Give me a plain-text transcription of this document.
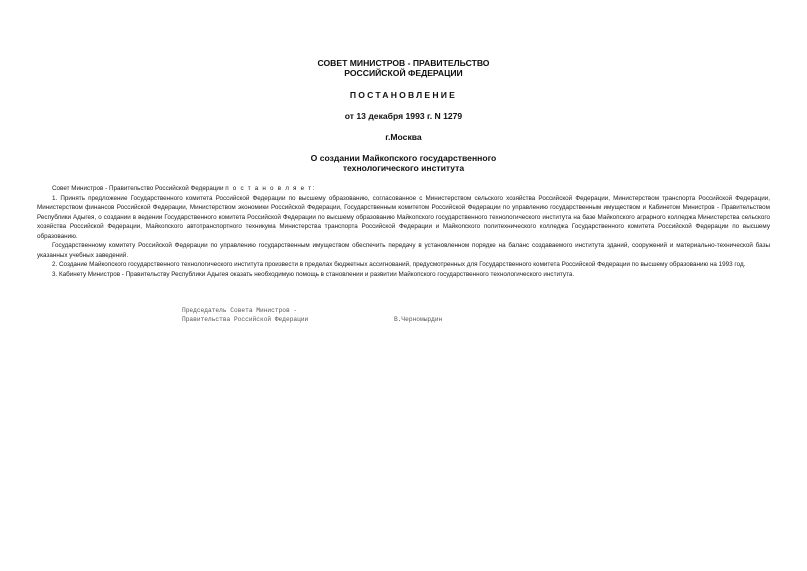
СОВЕТ МИНИСТРОВ - ПРАВИТЕЛЬСТВО
РОССИЙСКОЙ ФЕДЕРАЦИИ
ПОСТАНОВЛЕНИЕ
от 13 декабря 1993 г. N 1279
г.Москва
О создании Майкопского государственного
технологического института

Совет Министров - Правительство Российской Федерации п о с т а н о в л я е т:

1. Принять предложение Государственного комитета Российской Федерации по высшему образованию, согласованное с Министерством сельского хозяйства Российской Федерации, Министерством транспорта Российской Федерации, Министерством финансов Российской Федерации, Министерством экономики Российской Федерации, Государственным комитетом Российской Федерации по управлению государственным имуществом и Кабинетом Министров - Правительством Республики Адыгея, о создании в ведении Государственного комитета Российской Федерации по высшему образованию Майкопского государственного технологического института на базе Майкопского аграрного колледжа Министерства сельского хозяйства Российской Федерации, Майкопского автотранспортного техникума Министерства транспорта Российской Федерации и Майкопского политехнического колледжа Государственного комитета Российской Федерации по высшему образованию.

Государственному комитету Российской Федерации по управлению государственным имуществом обеспечить передачу в установленном порядке на баланс создаваемого института зданий, сооружений и материально-технической базы указанных учебных заведений.

2. Создание Майкопского государственного технологического института произвести в пределах бюджетных ассигнований, предусмотренных для Государственного комитета Российской Федерации по высшему образованию на 1993 год.

3. Кабинету Министров - Правительству Республики Адыгея оказать необходимую помощь в становлении и развитии Майкопского государственного технологического института.

Председатель Совета Министров -
Правительства Российской Федерации	В.Черномырдин
